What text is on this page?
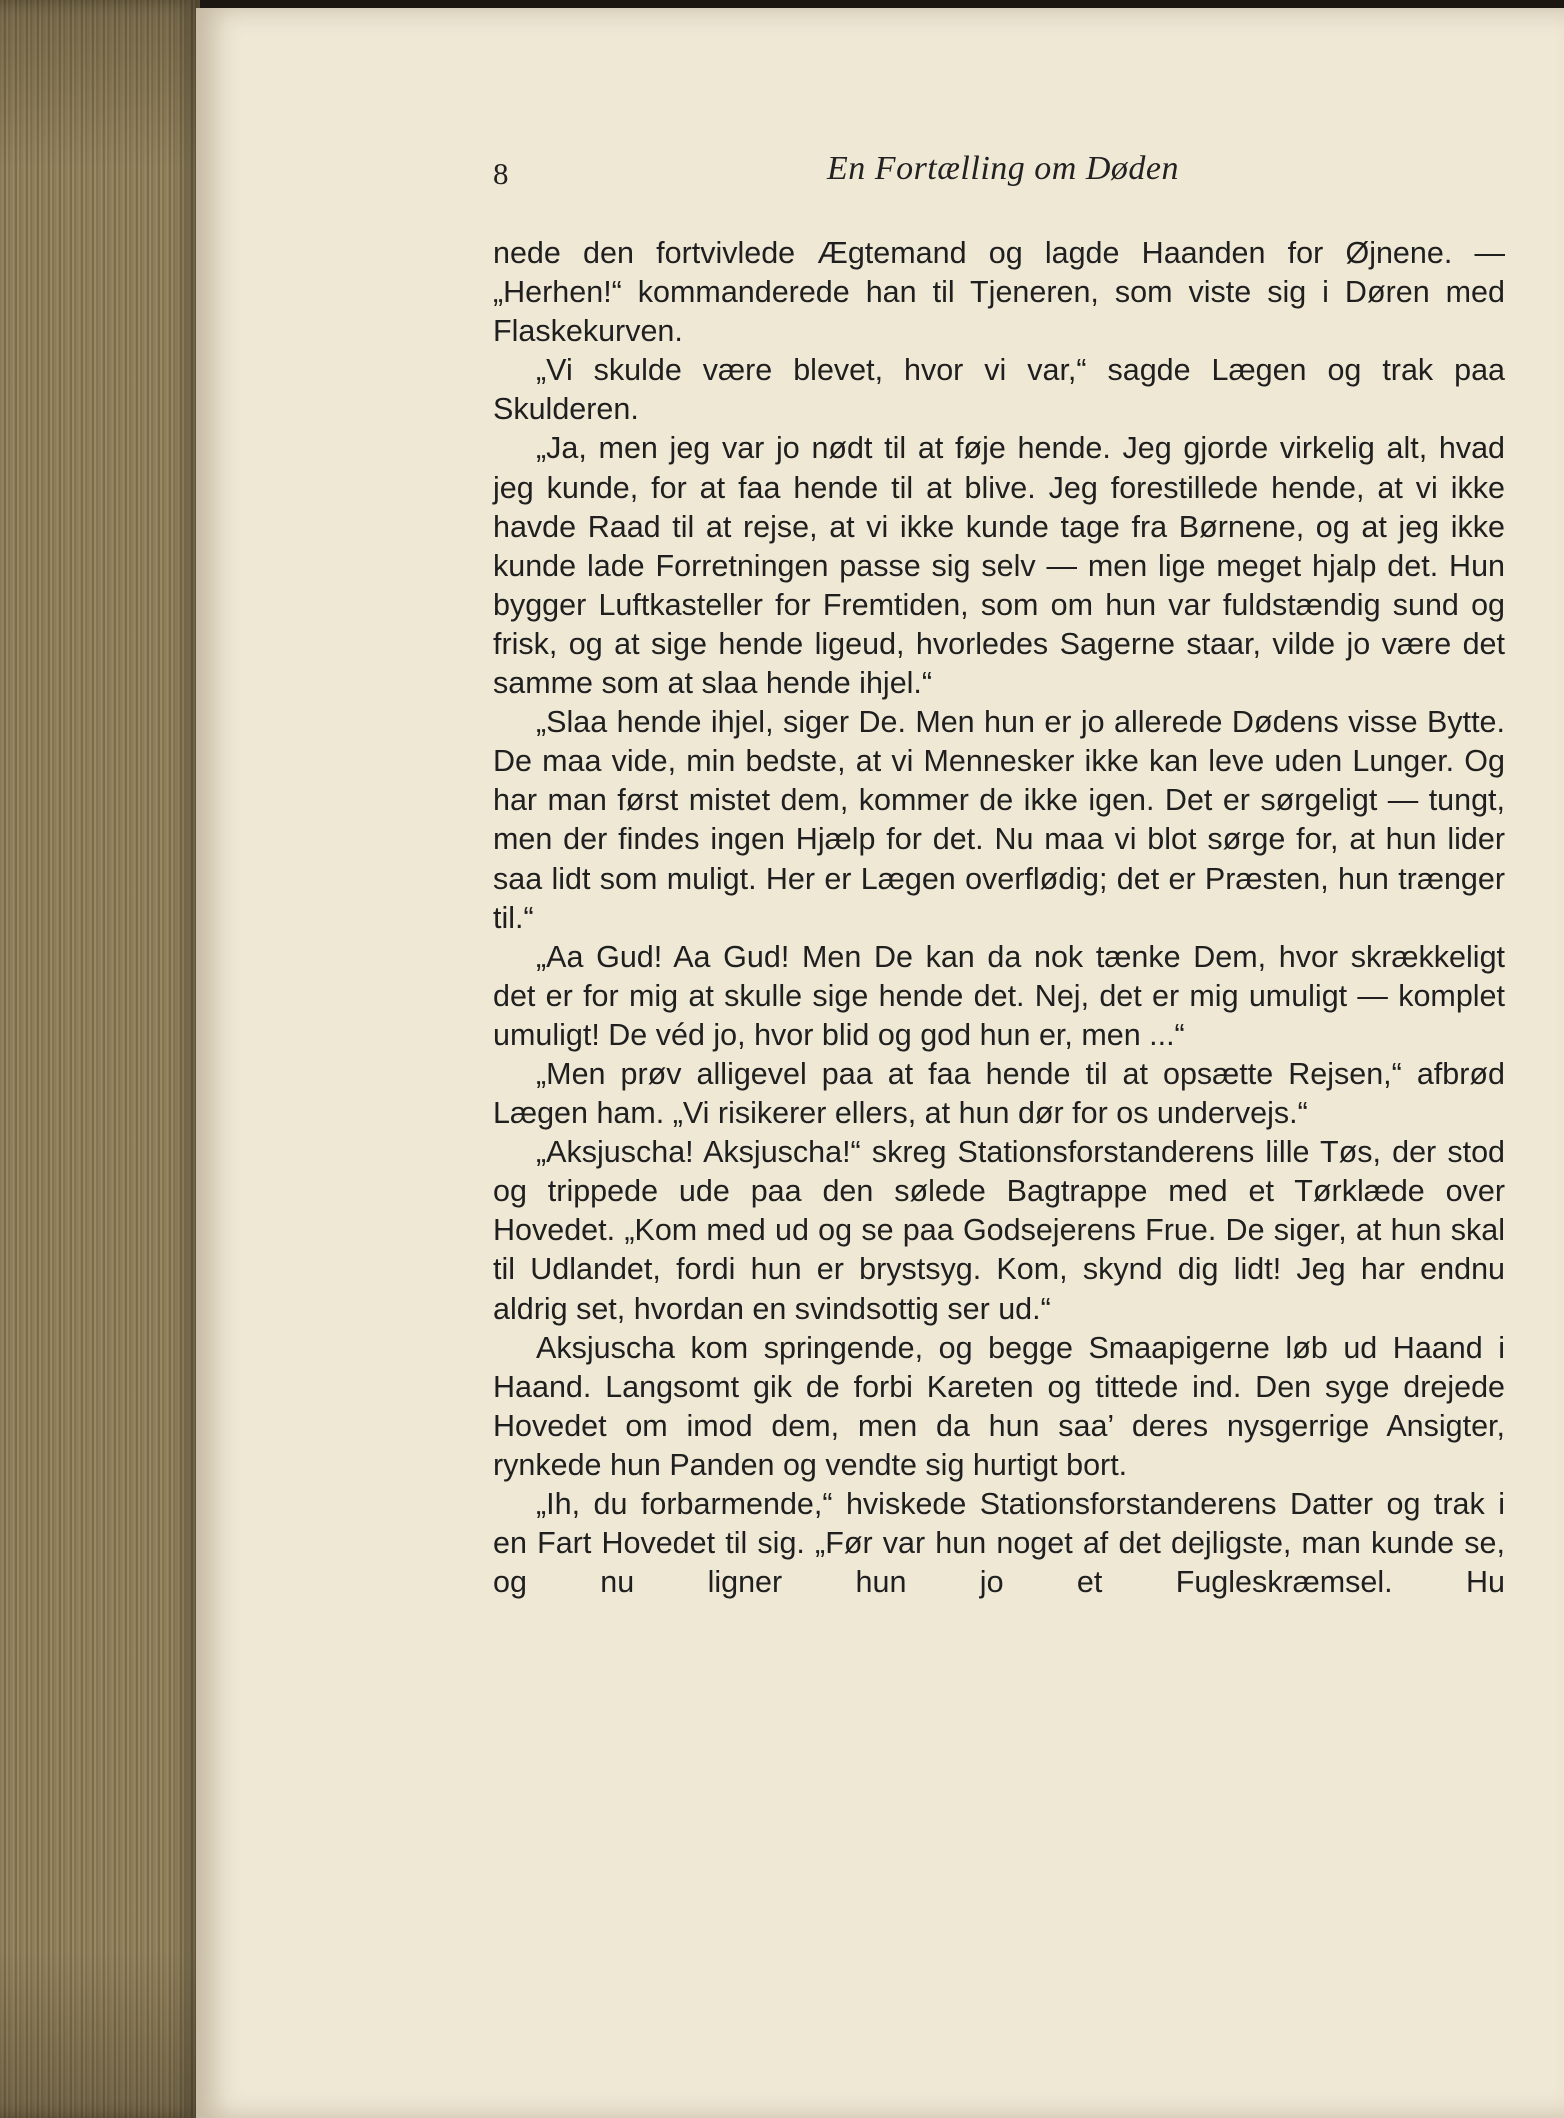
8	En Fortælling om Døden

nede den fortvivlede Ægtemand og lagde Haanden for Øjnene. — „Herhen!“ kommanderede han til Tjeneren, som viste sig i Døren med Flaskekurven.

„Vi skulde være blevet, hvor vi var,“ sagde Lægen og trak paa Skulderen.

„Ja, men jeg var jo nødt til at føje hende. Jeg gjorde virkelig alt, hvad jeg kunde, for at faa hende til at blive. Jeg forestillede hende, at vi ikke havde Raad til at rejse, at vi ikke kunde tage fra Børnene, og at jeg ikke kunde lade Forretningen passe sig selv — men lige meget hjalp det. Hun bygger Luftkasteller for Fremtiden, som om hun var fuldstændig sund og frisk, og at sige hende ligeud, hvorledes Sagerne staar, vilde jo være det samme som at slaa hende ihjel.“

„Slaa hende ihjel, siger De. Men hun er jo allerede Dødens visse Bytte. De maa vide, min bedste, at vi Mennesker ikke kan leve uden Lunger. Og har man først mistet dem, kommer de ikke igen. Det er sørgeligt — tungt, men der findes ingen Hjælp for det. Nu maa vi blot sørge for, at hun lider saa lidt som muligt. Her er Lægen overflødig; det er Præsten, hun trænger til.“

„Aa Gud! Aa Gud! Men De kan da nok tænke Dem, hvor skrækkeligt det er for mig at skulle sige hende det. Nej, det er mig umuligt — komplet umuligt! De véd jo, hvor blid og god hun er, men ...“

„Men prøv alligevel paa at faa hende til at opsætte Rejsen,“ afbrød Lægen ham. „Vi risikerer ellers, at hun dør for os undervejs.“

„Aksjuscha! Aksjuscha!“ skreg Stationsforstanderens lille Tøs, der stod og trippede ude paa den sølede Bagtrappe med et Tørklæde over Hovedet. „Kom med ud og se paa Godsejerens Frue. De siger, at hun skal til Udlandet, fordi hun er brystsyg. Kom, skynd dig lidt! Jeg har endnu aldrig set, hvordan en svindsottig ser ud.“

Aksjuscha kom springende, og begge Smaapigerne løb ud Haand i Haand. Langsomt gik de forbi Kareten og tittede ind. Den syge drejede Hovedet om imod dem, men da hun saa’ deres nysgerrige Ansigter, rynkede hun Panden og vendte sig hurtigt bort.

„Ih, du forbarmende,“ hviskede Stationsforstanderens Datter og trak i en Fart Hovedet til sig. „Før var hun noget af det dejligste, man kunde se, og nu ligner hun jo et Fugleskræmsel. Hu
